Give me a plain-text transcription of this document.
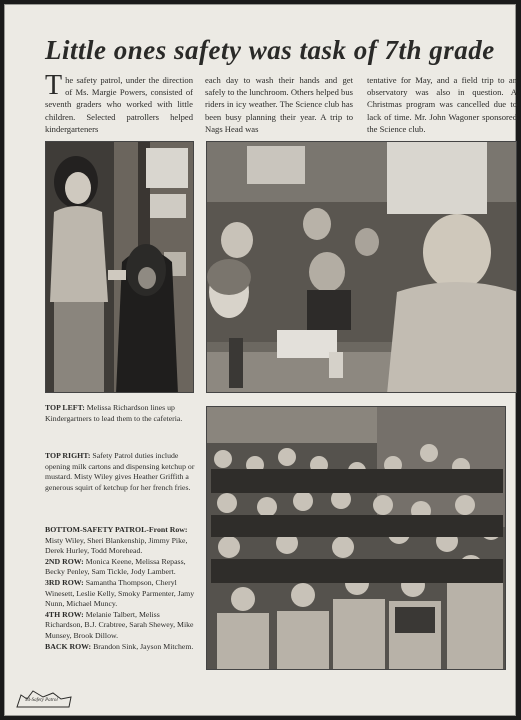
Little ones safety was task of 7th grade

The safety patrol, under the direction of Ms. Margie Powers, consisted of seventh graders who worked with little children. Selected patrollers helped kindergarteners

each day to wash their hands and get safely to the lunchroom. Others helped bus riders in icy weather. The Science club has been busy planning their year. A trip to Nags Head was

tentative for May, and a field trip to an observatory was also in question. A Christmas program was cancelled due to lack of time. Mr. John Wagoner sponsored the Science club.

TOP LEFT: Melissa Richardson lines up Kindergartners to lead them to the cafeteria.

TOP RIGHT: Safety Patrol duties include opening milk cartons and dispensing ketchup or mustard. Misty Wiley gives Heather Griffith a generous squirt of ketchup for her french fries.

BOTTOM-SAFETY PATROL-Front Row: Misty Wiley, Sheri Blankenship, Jimmy Pike, Derek Hurley, Todd Morehead.
2ND ROW: Monica Keene, Melissa Repass, Becky Penley, Sam Tickle, Jody Lambert.
3RD ROW: Samantha Thompson, Cheryl Winesett, Leslie Kelly, Smoky Parmenter, Jamy Nunn, Michael Muncy.
4TH ROW: Melanie Talbert, Meliss Richardson, B.J. Crabtree, Sarah Shewey, Mike Munsey, Brook Dillow.
BACK ROW: Brandon Sink, Jayson Mitchem.

54-Safety Patrol
